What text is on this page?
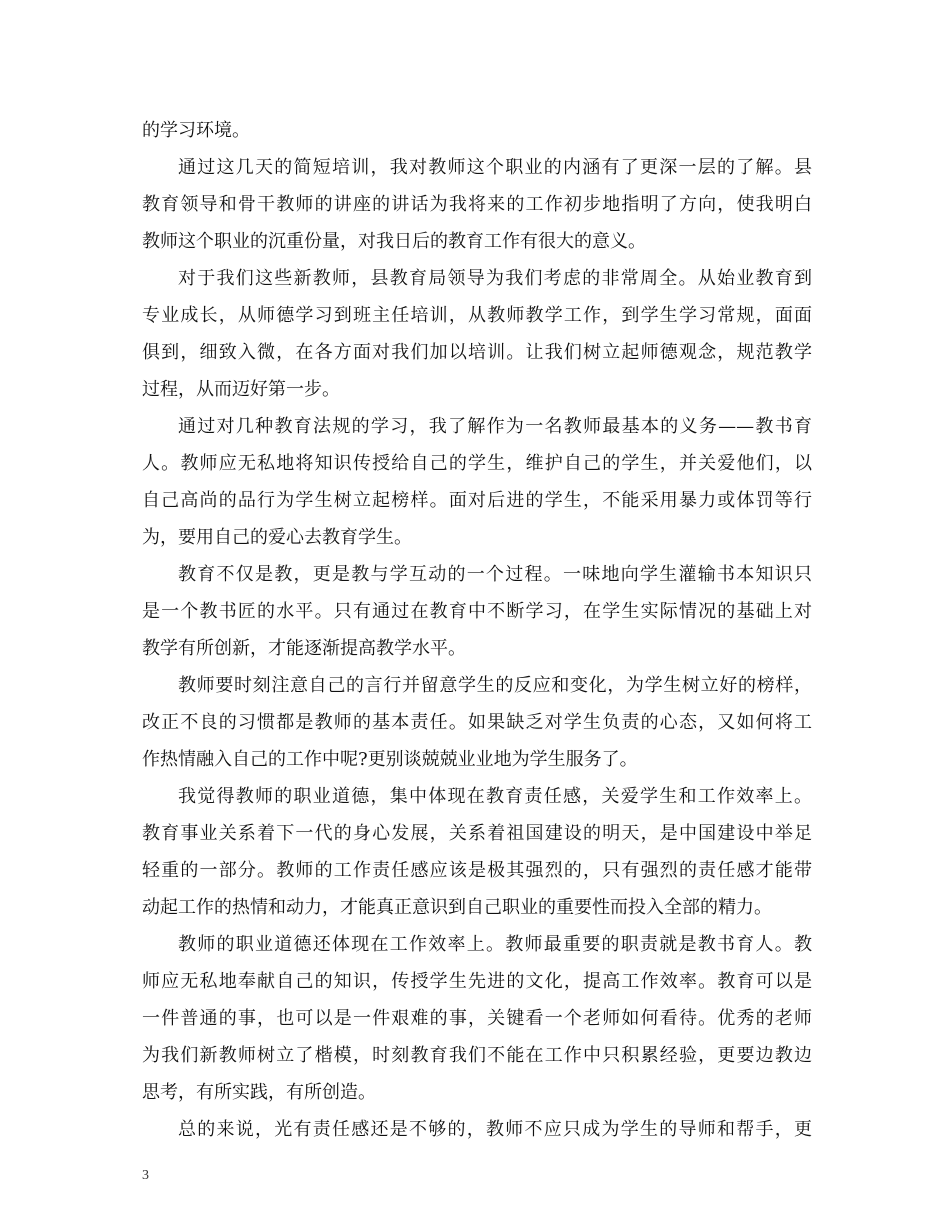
的学习环境。
通过这几天的简短培训，我对教师这个职业的内涵有了更深一层的了解。县
教育领导和骨干教师的讲座的讲话为我将来的工作初步地指明了方向，使我明白
教师这个职业的沉重份量，对我日后的教育工作有很大的意义。
对于我们这些新教师，县教育局领导为我们考虑的非常周全。从始业教育到
专业成长，从师德学习到班主任培训，从教师教学工作，到学生学习常规，面面
俱到，细致入微，在各方面对我们加以培训。让我们树立起师德观念，规范教学
过程，从而迈好第一步。
通过对几种教育法规的学习，我了解作为一名教师最基本的义务——教书育
人。教师应无私地将知识传授给自己的学生，维护自己的学生，并关爱他们，以
自己高尚的品行为学生树立起榜样。面对后进的学生，不能采用暴力或体罚等行
为，要用自己的爱心去教育学生。
教育不仅是教，更是教与学互动的一个过程。一味地向学生灌输书本知识只
是一个教书匠的水平。只有通过在教育中不断学习，在学生实际情况的基础上对
教学有所创新，才能逐渐提高教学水平。
教师要时刻注意自己的言行并留意学生的反应和变化，为学生树立好的榜样，
改正不良的习惯都是教师的基本责任。如果缺乏对学生负责的心态，又如何将工
作热情融入自己的工作中呢?更别谈兢兢业业地为学生服务了。
我觉得教师的职业道德，集中体现在教育责任感，关爱学生和工作效率上。
教育事业关系着下一代的身心发展，关系着祖国建设的明天，是中国建设中举足
轻重的一部分。教师的工作责任感应该是极其强烈的，只有强烈的责任感才能带
动起工作的热情和动力，才能真正意识到自己职业的重要性而投入全部的精力。
教师的职业道德还体现在工作效率上。教师最重要的职责就是教书育人。教
师应无私地奉献自己的知识，传授学生先进的文化，提高工作效率。教育可以是
一件普通的事，也可以是一件艰难的事，关键看一个老师如何看待。优秀的老师
为我们新教师树立了楷模，时刻教育我们不能在工作中只积累经验，更要边教边
思考，有所实践，有所创造。
总的来说，光有责任感还是不够的，教师不应只成为学生的导师和帮手，更
3
